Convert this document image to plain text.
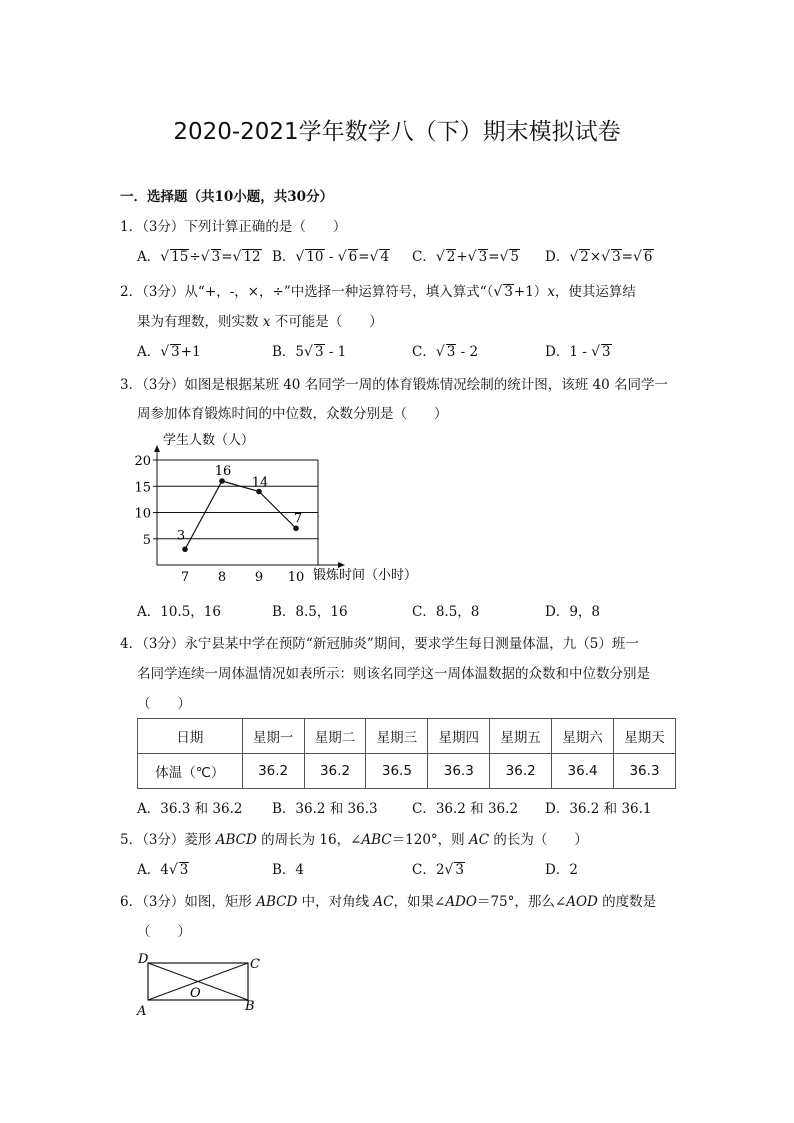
2020-2021学年数学八（下）期末模拟试卷
一．选择题（共10小题，共30分）
1．（3分）下列计算正确的是（　　）
A．√ 15÷√ 3=√ 12 B．√ 10 - √ 6=√ 4 C．√ 2+√ 3=√ 5 D．√ 2×√ 3=√ 6
2．（3分）从“+，-，×，÷”中选择一种运算符号，填入算式“（√ 3+1）x，使其运算结
果为有理数，则实数 x 不可能是（　　）
A．√ 3+1	B．5√ 3 - 1	C．√ 3 - 2	D．1 - √ 3
3．（3分）如图是根据某班 40 名同学一周的体育锻炼情况绘制的统计图，该班 40 名同学一
周参加体育锻炼时间的中位数，众数分别是（　　）
学生人数（人）
锻炼时间（小时）
5
10
15
20
7 8 9 10
3
16
14
7
A．10.5，16	B．8.5，16	C．8.5，8	D．9，8
4．（3分）永宁县某中学在预防“新冠肺炎”期间，要求学生每日测量体温，九（5）班一
名同学连续一周体温情况如表所示：则该名同学这一周体温数据的众数和中位数分别是
（　　）
日期	星期一	星期二	星期三	星期四	星期五	星期六	星期天
体温（℃）	36.2	36.2	36.5	36.3	36.2	36.4	36.3
A．36.3 和 36.2 B．36.2 和 36.3	C．36.2 和 36.2 D．36.2 和 36.1
5．（3分）菱形 ABCD 的周长为 16，∠ABC＝120°，则 AC 的长为（　　）
A．4√ 3	B．4	C．2√ 3	D．2
6．（3分）如图，矩形 ABCD 中，对角线 AC，如果∠ADO＝75°，那么∠AOD 的度数是
（　　）
D	C
O
A	B
